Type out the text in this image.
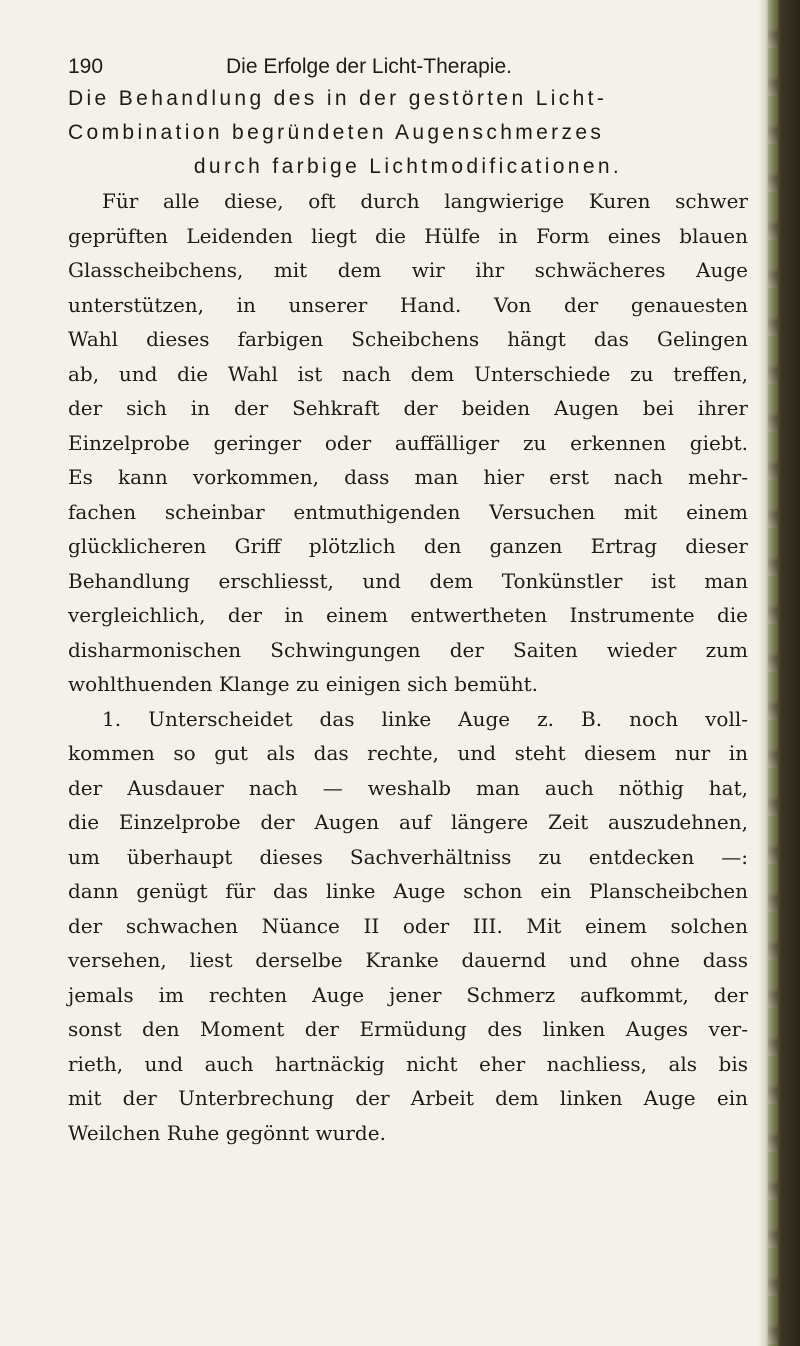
190	Die Erfolge der Licht-Therapie.
Die Behandlung des in der gestörten Licht-
Combination begründeten Augenschmerzes
durch farbige Lichtmodificationen.
Für alle diese, oft durch langwierige Kuren schwer
geprüften Leidenden liegt die Hülfe in Form eines blauen
Glasscheibchens, mit dem wir ihr schwächeres Auge
unterstützen, in unserer Hand. Von der genauesten
Wahl dieses farbigen Scheibchens hängt das Gelingen
ab, und die Wahl ist nach dem Unterschiede zu treffen,
der sich in der Sehkraft der beiden Augen bei ihrer
Einzelprobe geringer oder auffälliger zu erkennen giebt.
Es kann vorkommen, dass man hier erst nach mehr-
fachen scheinbar entmuthigenden Versuchen mit einem
glücklicheren Griff plötzlich den ganzen Ertrag dieser
Behandlung erschliesst, und dem Tonkünstler ist man
vergleichlich, der in einem entwertheten Instrumente die
disharmonischen Schwingungen der Saiten wieder zum
wohlthuenden Klange zu einigen sich bemüht.
1. Unterscheidet das linke Auge z. B. noch voll-
kommen so gut als das rechte, und steht diesem nur in
der Ausdauer nach — weshalb man auch nöthig hat,
die Einzelprobe der Augen auf längere Zeit auszudehnen,
um überhaupt dieses Sachverhältniss zu entdecken —:
dann genügt für das linke Auge schon ein Planscheibchen
der schwachen Nüance II oder III. Mit einem solchen
versehen, liest derselbe Kranke dauernd und ohne dass
jemals im rechten Auge jener Schmerz aufkommt, der
sonst den Moment der Ermüdung des linken Auges ver-
rieth, und auch hartnäckig nicht eher nachliess, als bis
mit der Unterbrechung der Arbeit dem linken Auge ein
Weilchen Ruhe gegönnt wurde.
